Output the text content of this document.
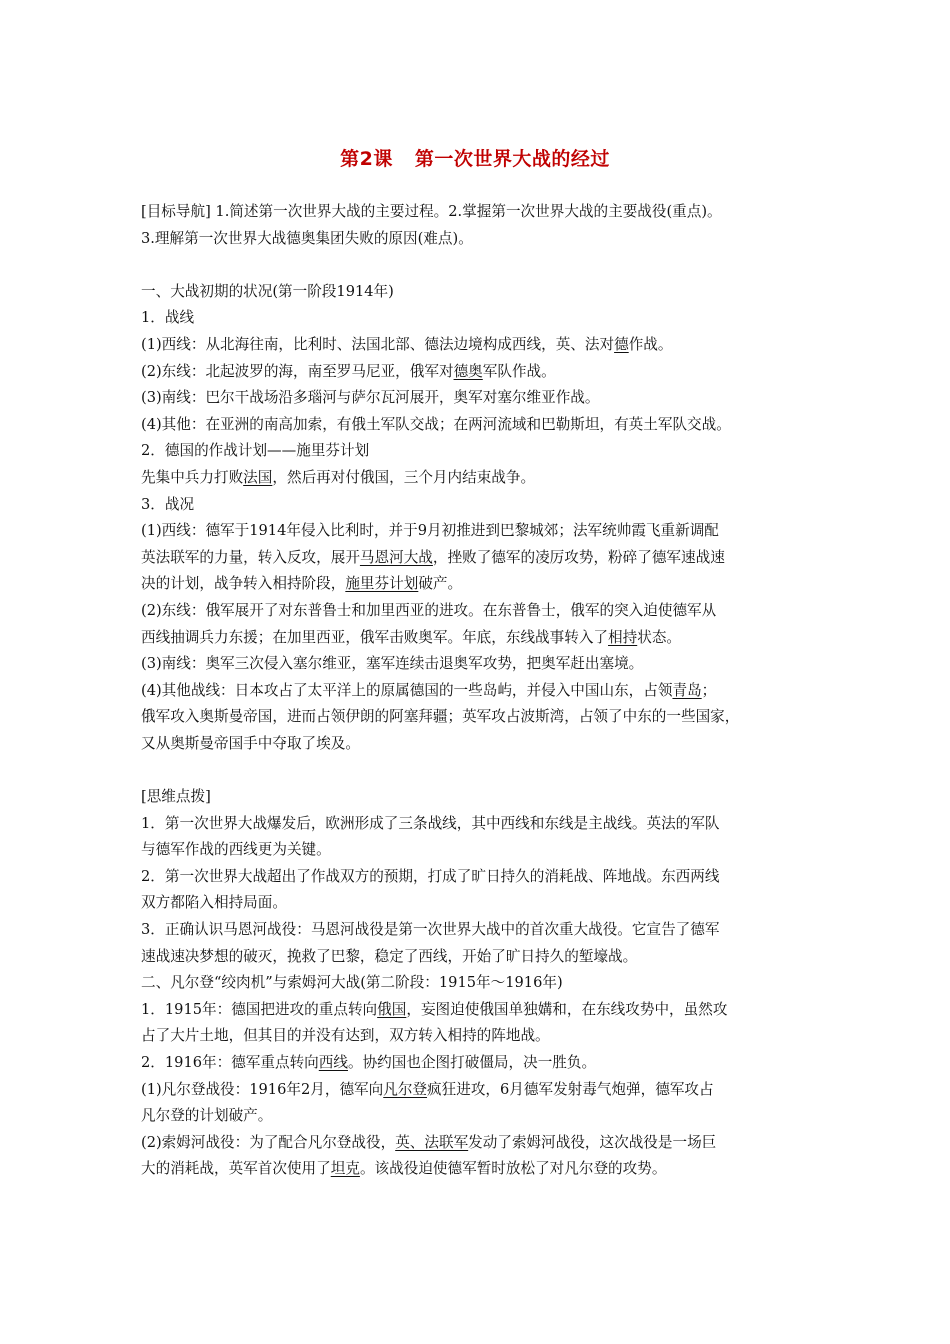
第2课 第一次世界大战的经过

[目标导航] 1.简述第一次世界大战的主要过程。2.掌握第一次世界大战的主要战役(重点)。

3.理解第一次世界大战德奥集团失败的原因(难点)。

一、大战初期的状况(第一阶段1914年)

1．战线

(1)西线：从北海往南，比利时、法国北部、德法边境构成西线，英、法对德作战。

(2)东线：北起波罗的海，南至罗马尼亚，俄军对德奥军队作战。

(3)南线：巴尔干战场沿多瑙河与萨尔瓦河展开，奥军对塞尔维亚作战。

(4)其他：在亚洲的南高加索，有俄土军队交战；在两河流域和巴勒斯坦，有英土军队交战。

2．德国的作战计划——施里芬计划

先集中兵力打败法国，然后再对付俄国，三个月内结束战争。

3．战况

(1)西线：德军于1914年侵入比利时，并于9月初推进到巴黎城郊；法军统帅霞飞重新调配

英法联军的力量，转入反攻，展开马恩河大战，挫败了德军的凌厉攻势，粉碎了德军速战速

决的计划，战争转入相持阶段，施里芬计划破产。

(2)东线：俄军展开了对东普鲁士和加里西亚的进攻。在东普鲁士，俄军的突入迫使德军从

西线抽调兵力东援；在加里西亚，俄军击败奥军。年底，东线战事转入了相持状态。

(3)南线：奥军三次侵入塞尔维亚，塞军连续击退奥军攻势，把奥军赶出塞境。

(4)其他战线：日本攻占了太平洋上的原属德国的一些岛屿，并侵入中国山东，占领青岛；

俄军攻入奥斯曼帝国，进而占领伊朗的阿塞拜疆；英军攻占波斯湾，占领了中东的一些国家，

又从奥斯曼帝国手中夺取了埃及。

[思维点拨]

1．第一次世界大战爆发后，欧洲形成了三条战线，其中西线和东线是主战线。英法的军队

与德军作战的西线更为关键。

2．第一次世界大战超出了作战双方的预期，打成了旷日持久的消耗战、阵地战。东西两线

双方都陷入相持局面。

3．正确认识马恩河战役：马恩河战役是第一次世界大战中的首次重大战役。它宣告了德军

速战速决梦想的破灭，挽救了巴黎，稳定了西线，开始了旷日持久的堑壕战。

二、凡尔登“绞肉机”与索姆河大战(第二阶段：1915年～1916年)

1．1915年：德国把进攻的重点转向俄国，妄图迫使俄国单独媾和，在东线攻势中，虽然攻

占了大片土地，但其目的并没有达到，双方转入相持的阵地战。

2．1916年：德军重点转向西线。协约国也企图打破僵局，决一胜负。

(1)凡尔登战役：1916年2月，德军向凡尔登疯狂进攻，6月德军发射毒气炮弹，德军攻占

凡尔登的计划破产。

(2)索姆河战役：为了配合凡尔登战役，英、法联军发动了索姆河战役，这次战役是一场巨

大的消耗战，英军首次使用了坦克。该战役迫使德军暂时放松了对凡尔登的攻势。
